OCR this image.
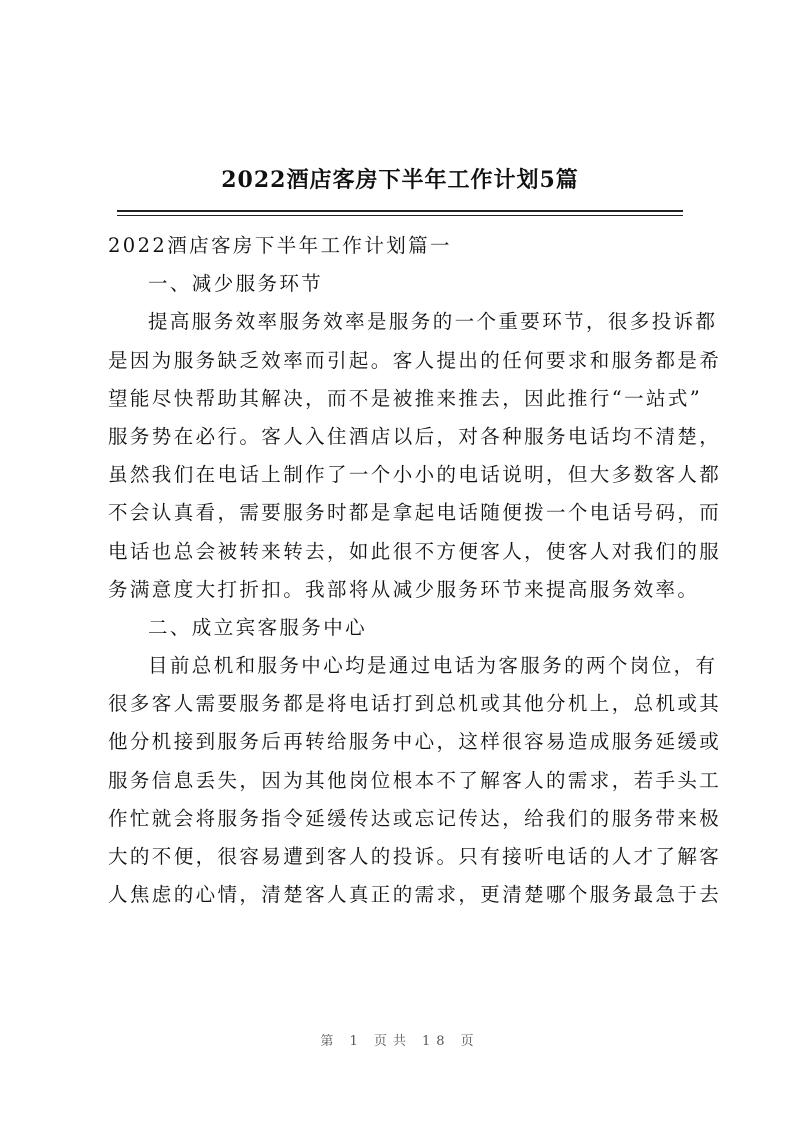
2022酒店客房下半年工作计划5篇
2022酒店客房下半年工作计划篇一
一、减少服务环节
提高服务效率服务效率是服务的一个重要环节，很多投诉都
是因为服务缺乏效率而引起。客人提出的任何要求和服务都是希
望能尽快帮助其解决，而不是被推来推去，因此推行“一站式”
服务势在必行。客人入住酒店以后，对各种服务电话均不清楚，
虽然我们在电话上制作了一个小小的电话说明，但大多数客人都
不会认真看，需要服务时都是拿起电话随便拨一个电话号码，而
电话也总会被转来转去，如此很不方便客人，使客人对我们的服
务满意度大打折扣。我部将从减少服务环节来提高服务效率。
二、成立宾客服务中心
目前总机和服务中心均是通过电话为客服务的两个岗位，有
很多客人需要服务都是将电话打到总机或其他分机上，总机或其
他分机接到服务后再转给服务中心，这样很容易造成服务延缓或
服务信息丢失，因为其他岗位根本不了解客人的需求，若手头工
作忙就会将服务指令延缓传达或忘记传达，给我们的服务带来极
大的不便，很容易遭到客人的投诉。只有接听电话的人才了解客
人焦虑的心情，清楚客人真正的需求，更清楚哪个服务最急于去
第 1 页共 18 页
